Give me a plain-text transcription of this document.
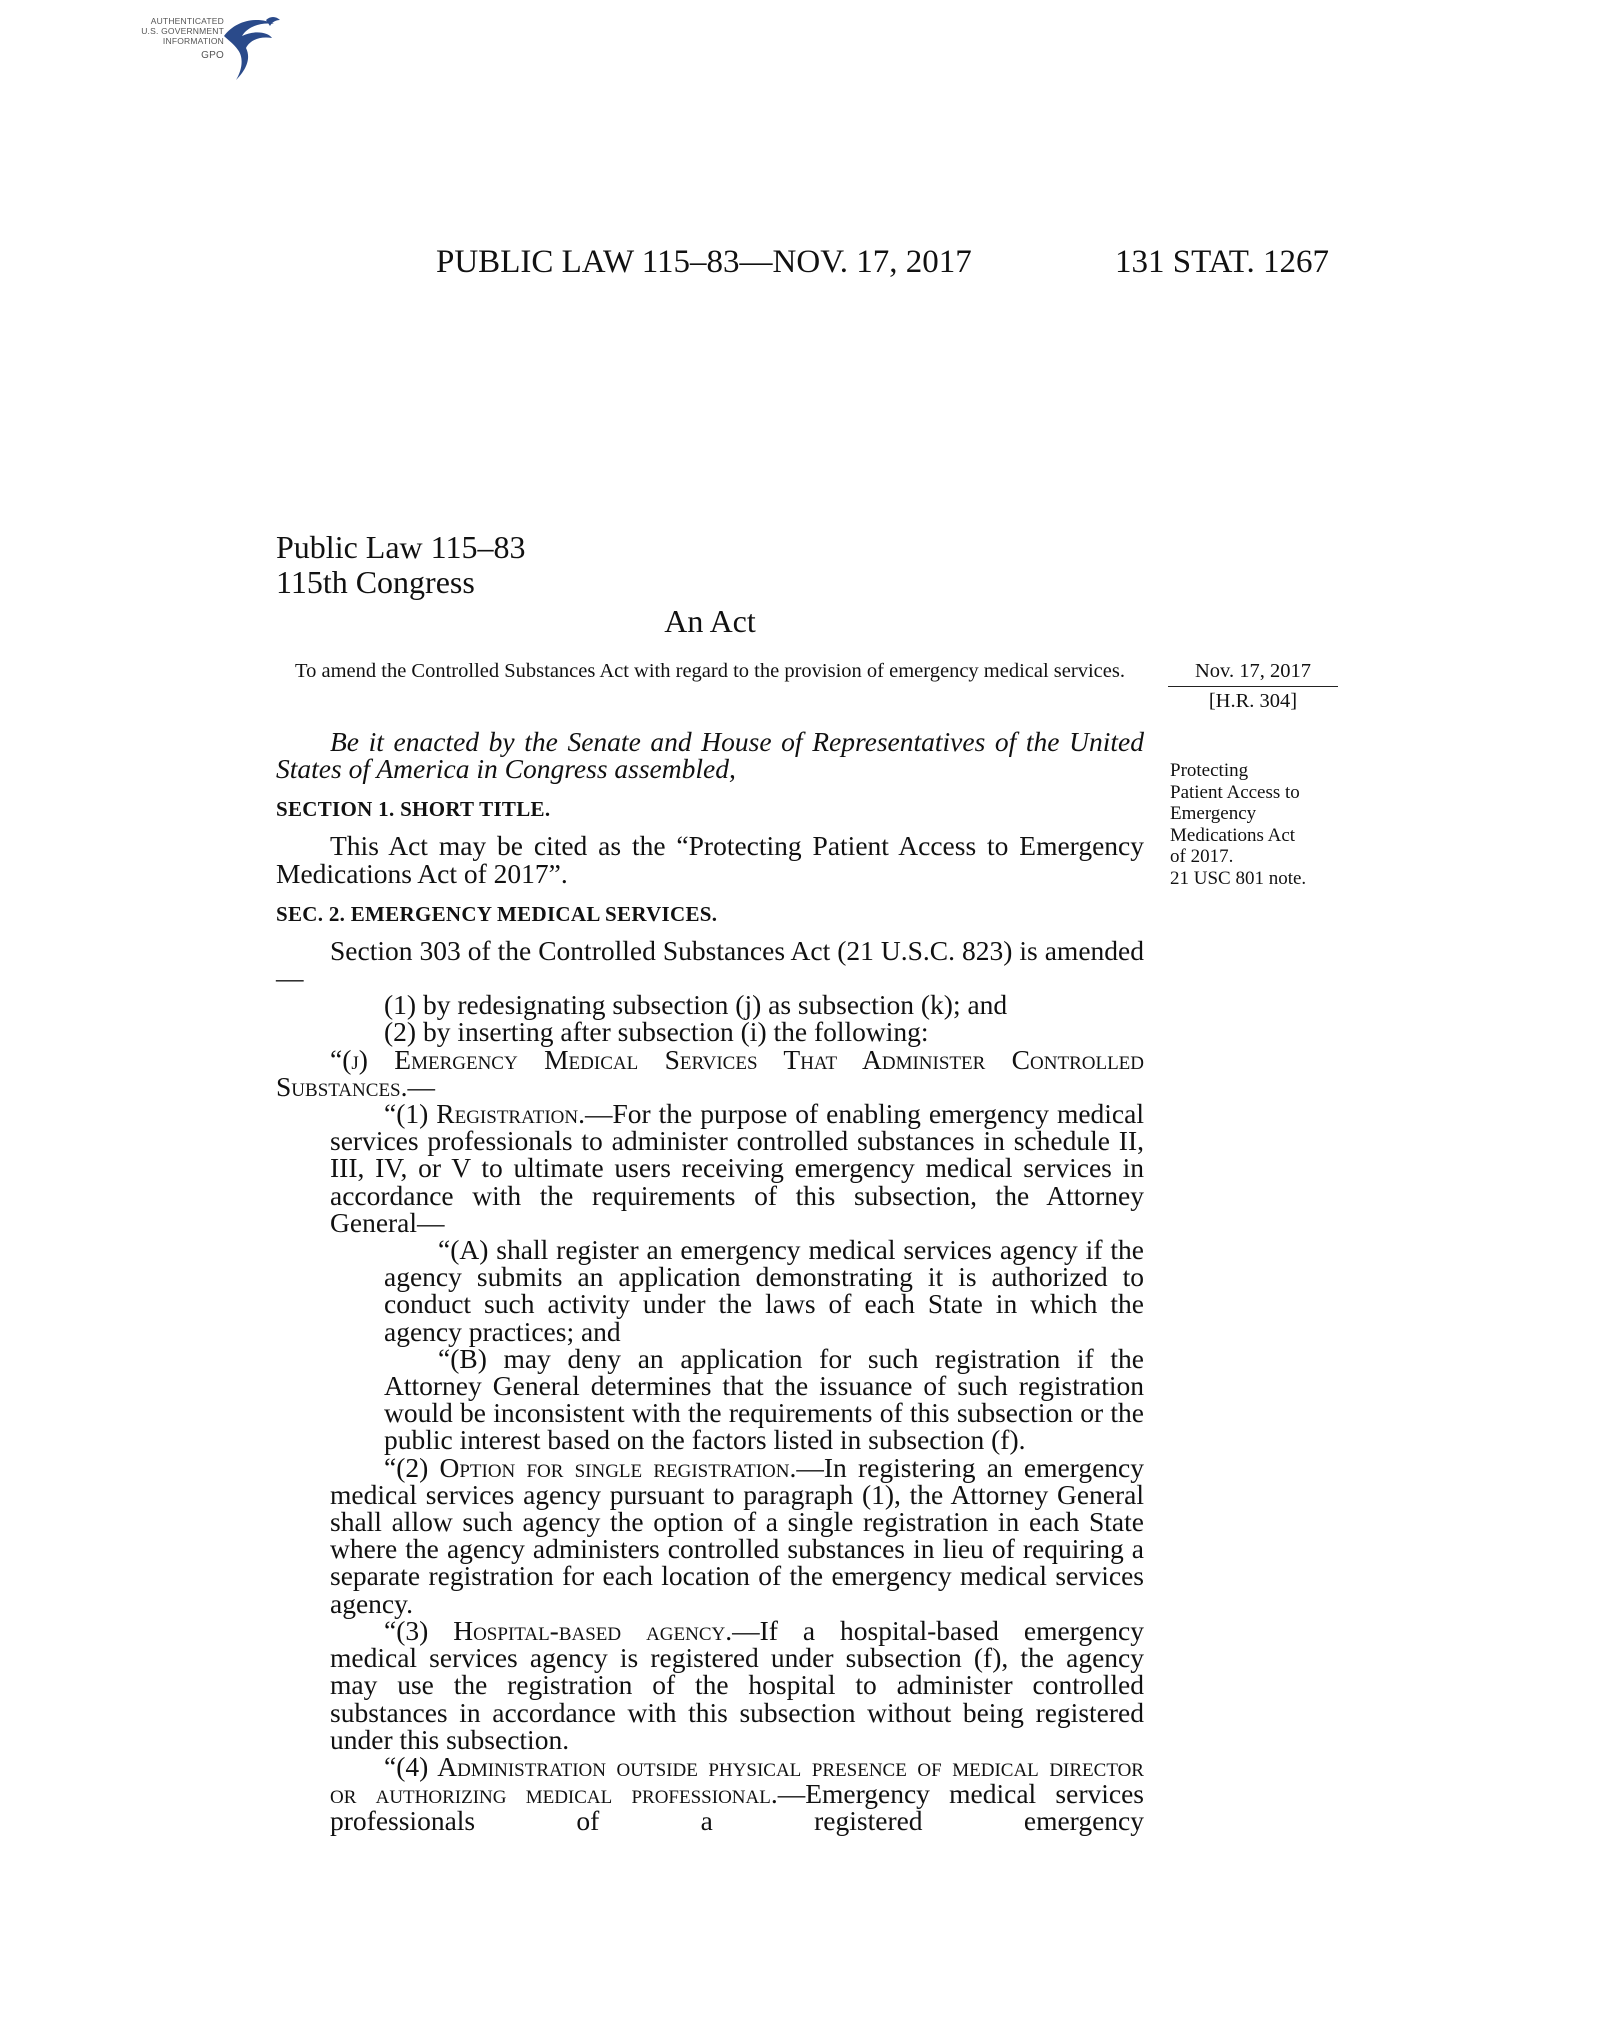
AUTHENTICATED
U.S. GOVERNMENT
INFORMATION
GPO
PUBLIC LAW 115–83—NOV. 17, 2017	131 STAT. 1267
Public Law 115–83
115th Congress
An Act
To amend the Controlled Substances Act with regard to the provision of emergency medical services.	Nov. 17, 2017
[H.R. 304]
Protecting
Patient Access to
Emergency
Medications Act
of 2017.
21 USC 801 note.

Be it enacted by the Senate and House of Representatives of the United States of America in Congress assembled,

SECTION 1. SHORT TITLE.

This Act may be cited as the “Protecting Patient Access to Emergency Medications Act of 2017”.

SEC. 2. EMERGENCY MEDICAL SERVICES.

Section 303 of the Controlled Substances Act (21 U.S.C. 823) is amended—

(1) by redesignating subsection (j) as subsection (k); and

(2) by inserting after subsection (i) the following:

“(j) Emergency Medical Services That Administer Controlled Substances.—

“(1) Registration.—For the purpose of enabling emergency medical services professionals to administer controlled substances in schedule II, III, IV, or V to ultimate users receiving emergency medical services in accordance with the requirements of this subsection, the Attorney General—

“(A) shall register an emergency medical services agency if the agency submits an application demonstrating it is authorized to conduct such activity under the laws of each State in which the agency practices; and

“(B) may deny an application for such registration if the Attorney General determines that the issuance of such registration would be inconsistent with the requirements of this subsection or the public interest based on the factors listed in subsection (f).

“(2) Option for single registration.—In registering an emergency medical services agency pursuant to paragraph (1), the Attorney General shall allow such agency the option of a single registration in each State where the agency administers controlled substances in lieu of requiring a separate registration for each location of the emergency medical services agency.

“(3) Hospital-based agency.—If a hospital-based emergency medical services agency is registered under subsection (f), the agency may use the registration of the hospital to administer controlled substances in accordance with this subsection without being registered under this subsection.

“(4) Administration outside physical presence of medical director or authorizing medical professional.—Emergency medical services professionals of a registered emergency
